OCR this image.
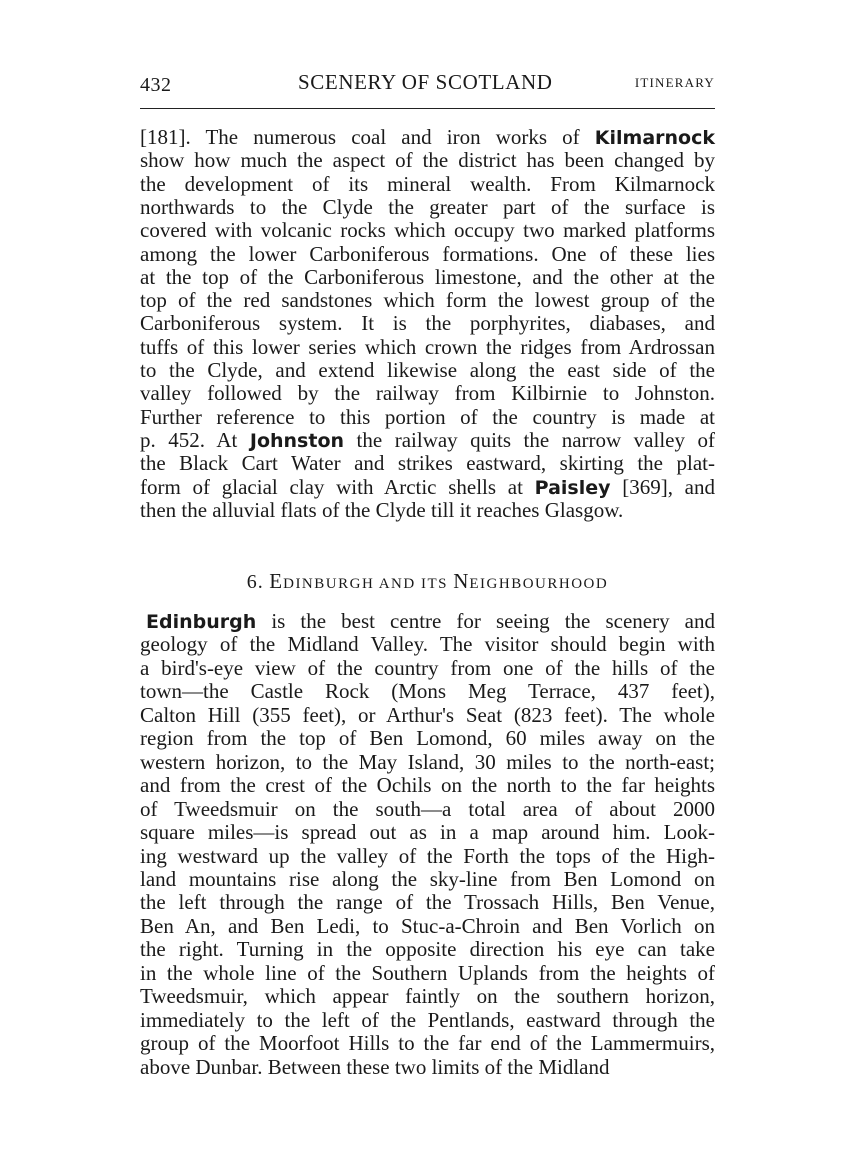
432	SCENERY OF SCOTLAND	ITINERARY
[181]. The numerous coal and iron works of Kilmarnock
show how much the aspect of the district has been changed by
the development of its mineral wealth. From Kilmarnock
northwards to the Clyde the greater part of the surface is
covered with volcanic rocks which occupy two marked platforms
among the lower Carboniferous formations. One of these lies
at the top of the Carboniferous limestone, and the other at the
top of the red sandstones which form the lowest group of the
Carboniferous system. It is the porphyrites, diabases, and
tuffs of this lower series which crown the ridges from Ardrossan
to the Clyde, and extend likewise along the east side of the
valley followed by the railway from Kilbirnie to Johnston.
Further reference to this portion of the country is made at
p. 452. At Johnston the railway quits the narrow valley of
the Black Cart Water and strikes eastward, skirting the plat-
form of glacial clay with Arctic shells at Paisley [369], and
then the alluvial flats of the Clyde till it reaches Glasgow.
6. EDINBURGH AND ITS NEIGHBOURHOOD
Edinburgh is the best centre for seeing the scenery and
geology of the Midland Valley. The visitor should begin with
a bird's-eye view of the country from one of the hills of the
town—the Castle Rock (Mons Meg Terrace, 437 feet),
Calton Hill (355 feet), or Arthur's Seat (823 feet). The whole
region from the top of Ben Lomond, 60 miles away on the
western horizon, to the May Island, 30 miles to the north-east;
and from the crest of the Ochils on the north to the far heights
of Tweedsmuir on the south—a total area of about 2000
square miles—is spread out as in a map around him. Look-
ing westward up the valley of the Forth the tops of the High-
land mountains rise along the sky-line from Ben Lomond on
the left through the range of the Trossach Hills, Ben Venue,
Ben An, and Ben Ledi, to Stuc-a-Chroin and Ben Vorlich on
the right. Turning in the opposite direction his eye can take
in the whole line of the Southern Uplands from the heights of
Tweedsmuir, which appear faintly on the southern horizon,
immediately to the left of the Pentlands, eastward through the
group of the Moorfoot Hills to the far end of the Lammermuirs,
above Dunbar. Between these two limits of the Midland
